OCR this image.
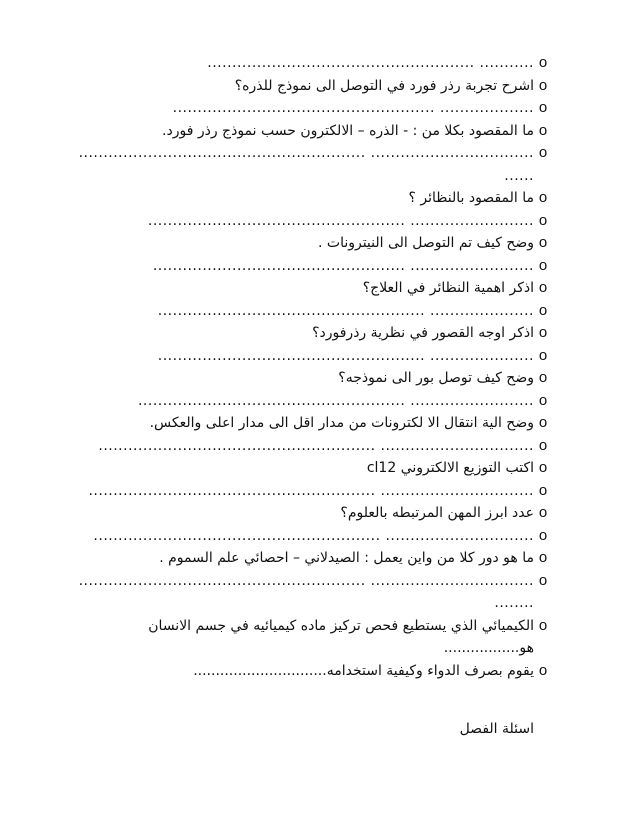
o
o
o
o
o
o
o
o
o
o
o
o
o
o
o
o
o
o
o
o
o
o
o
o
o
........... ......................................................
اشرح تجربة رذر فورد في التوصل الى نموذج للذره؟
................... .....................................................
ما المقصود بكلا من : - الذره – الالكترون حسب نموذج رذر فورد.
................................. ..........................................................
......
ما المقصود بالنظائر ؟
......................... ....................................................
وضح كيف تم التوصل الى النيترونات .
......................... ...................................................
اذكر اهمية النظائر في العلاج؟
..................... ......................................................
اذكر اوجه القصور في نظرية رذرفورد؟
..................... ......................................................
وضح كيف توصل بور الى نموذجه؟
......................... ......................................................
وضح الية انتقال الا لكترونات من مدار اقل الى مدار اعلى والعكس.
............................... ........................................................
اكتب التوزيع الالكتروني cl12
............................... ..........................................................
عدد ابرز المهن المرتبطه بالعلوم؟
.............................. ..........................................................
ما هو دور كلا من واين يعمل : الصيدلاني – احصائي علم السموم .
................................. ..........................................................
........
الكيميائي الذي يستطيع فحص تركيز ماده كيميائيه في جسم الانسان
هو.................
يقوم بصرف الدواء وكيفية استخدامه..............................
اسئلة الفصل
